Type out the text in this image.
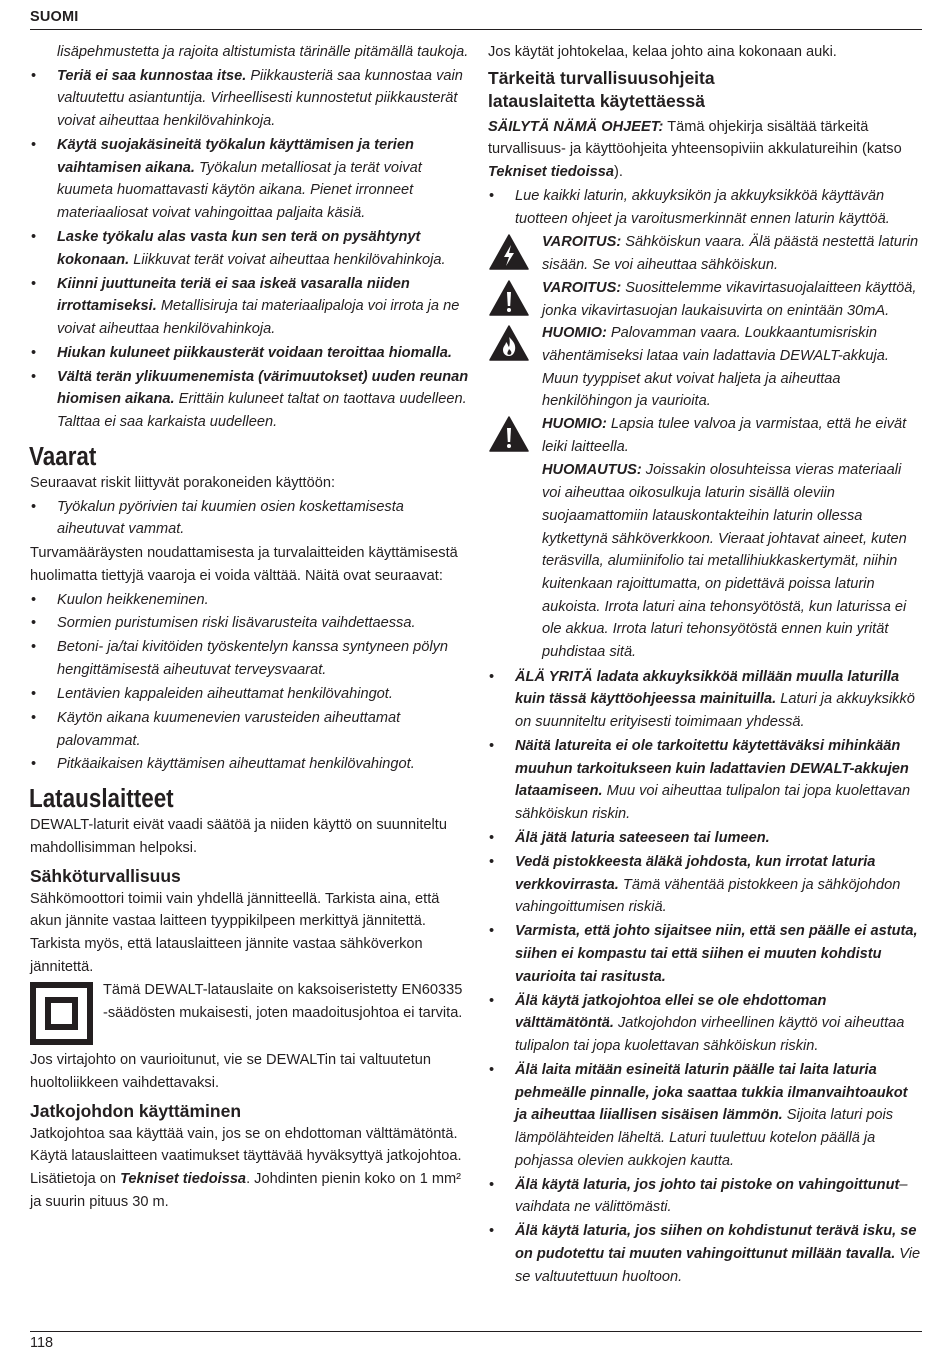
SUOMI
lisäpehmustetta ja rajoita altistumista tärinälle pitämällä taukoja.
• Teriä ei saa kunnostaa itse. Piikkausteriä saa kunnostaa vain valtuutettu asiantuntija. Virheellisesti kunnostetut piikkausterät voivat aiheuttaa henkilövahinkoja.
• Käytä suojakäsineitä työkalun käyttämisen ja terien vaihtamisen aikana. Työkalun metalliosat ja terät voivat kuumeta huomattavasti käytön aikana. Pienet irronneet materiaaliosat voivat vahingoittaa paljaita käsiä.
• Laske työkalu alas vasta kun sen terä on pysähtynyt kokonaan. Liikkuvat terät voivat aiheuttaa henkilövahinkoja.
• Kiinni juuttuneita teriä ei saa iskeä vasaralla niiden irrottamiseksi. Metallisiruja tai materiaalipaloja voi irrota ja ne voivat aiheuttaa henkilövahinkoja.
• Hiukan kuluneet piikkausterät voidaan teroittaa hiomalla.
• Vältä terän ylikuumenemista (värimuutokset) uuden reunan hiomisen aikana. Erittäin kuluneet taltat on taottava uudelleen. Talttaa ei saa karkaista uudelleen.
Vaarat
Seuraavat riskit liittyvät porakoneiden käyttöön:
• Työkalun pyörivien tai kuumien osien koskettamisesta aiheutuvat vammat.
Turvamääräysten noudattamisesta ja turvalaitteiden käyttämisestä huolimatta tiettyjä vaaroja ei voida välttää. Näitä ovat seuraavat:
• Kuulon heikkeneminen.
• Sormien puristumisen riski lisävarusteita vaihdettaessa.
• Betoni- ja/tai kivitöiden työskentelyn kanssa syntyneen pölyn hengittämisestä aiheutuvat terveysvaarat.
• Lentävien kappaleiden aiheuttamat henkilövahingot.
• Käytön aikana kuumenevien varusteiden aiheuttamat palovammat.
• Pitkäaikaisen käyttämisen aiheuttamat henkilövahingot.
Latauslaitteet
DEWALT-laturit eivät vaadi säätöä ja niiden käyttö on suunniteltu mahdollisimman helpoksi.
Sähköturvallisuus
Sähkömoottori toimii vain yhdellä jännitteellä. Tarkista aina, että akun jännite vastaa laitteen tyyppikilpeen merkittyä jännitettä. Tarkista myös, että latauslaitteen jännite vastaa sähköverkon jännitettä.
Tämä DEWALT-latauslaite on kaksoiseristetty EN60335 -säädösten mukaisesti, joten maadoitusjohtoa ei tarvita.
Jos virtajohto on vaurioitunut, vie se DEWALTin tai valtuutetun huoltoliikkeen vaihdettavaksi.
Jatkojohdon käyttäminen
Jatkojohtoa saa käyttää vain, jos se on ehdottoman välttämätöntä. Käytä latauslaitteen vaatimukset täyttävää hyväksyttyä jatkojohtoa. Lisätietoja on Tekniset tiedoissa. Johdinten pienin koko on 1 mm² ja suurin pituus 30 m.
Jos käytät johtokelaa, kelaa johto aina kokonaan auki.
Tärkeitä turvallisuusohjeita
latauslaitetta käytettäessä
SÄILYTÄ NÄMÄ OHJEET: Tämä ohjekirja sisältää tärkeitä turvallisuus- ja käyttöohjeita yhteensopiviin akkulatureihin (katso Tekniset tiedoissa).
• Lue kaikki laturin, akkuyksikön ja akkuyksikköä käyttävän tuotteen ohjeet ja varoitusmerkinnät ennen laturin käyttöä.
VAROITUS: Sähköiskun vaara. Älä päästä nestettä laturin sisään. Se voi aiheuttaa sähköiskun.
VAROITUS: Suosittelemme vikavirtasuojalaitteen käyttöä, jonka vikavirtasuojan laukaisuvirta on enintään 30mA.
HUOMIO: Palovamman vaara. Loukkaantumisriskin vähentämiseksi lataa vain ladattavia DEWALT-akkuja. Muun tyyppiset akut voivat haljeta ja aiheuttaa henkilöhingon ja vaurioita.
HUOMIO: Lapsia tulee valvoa ja varmistaa, että he eivät leiki laitteella.
HUOMAUTUS: Joissakin olosuhteissa vieras materiaali voi aiheuttaa oikosulkuja laturin sisällä oleviin suojaamattomiin latauskontakteihin laturin ollessa kytkettynä sähköverkkoon. Vieraat johtavat aineet, kuten teräsvilla, alumiinifolio tai metallihiukkaskertymät, niihin kuitenkaan rajoittumatta, on pidettävä poissa laturin aukoista. Irrota laturi aina tehonsyötöstä, kun laturissa ei ole akkua. Irrota laturi tehonsyötöstä ennen kuin yrität puhdistaa sitä.
• ÄLÄ YRITÄ ladata akkuyksikköä millään muulla laturilla kuin tässä käyttöohjeessa mainituilla. Laturi ja akkuyksikkö on suunniteltu erityisesti toimimaan yhdessä.
• Näitä latureita ei ole tarkoitettu käytettäväksi mihinkään muuhun tarkoitukseen kuin ladattavien DEWALT-akkujen lataamiseen. Muu voi aiheuttaa tulipalon tai jopa kuolettavan sähköiskun riskin.
• Älä jätä laturia sateeseen tai lumeen.
• Vedä pistokkeesta äläkä johdosta, kun irrotat laturia verkkovirrasta. Tämä vähentää pistokkeen ja sähköjohdon vahingoittumisen riskiä.
• Varmista, että johto sijaitsee niin, että sen päälle ei astuta, siihen ei kompastu tai että siihen ei muuten kohdistu vaurioita tai rasitusta.
• Älä käytä jatkojohtoa ellei se ole ehdottoman välttämätöntä. Jatkojohdon virheellinen käyttö voi aiheuttaa tulipalon tai jopa kuolettavan sähköiskun riskin.
• Älä laita mitään esineitä laturin päälle tai laita laturia pehmeälle pinnalle, joka saattaa tukkia ilmanvaihtoaukot ja aiheuttaa liiallisen sisäisen lämmön. Sijoita laturi pois lämpölähteiden läheltä. Laturi tuulettuu kotelon päällä ja pohjassa olevien aukkojen kautta.
• Älä käytä laturia, jos johto tai pistoke on vahingoittunut– vaihdata ne välittömästi.
• Älä käytä laturia, jos siihen on kohdistunut terävä isku, se on pudotettu tai muuten vahingoittunut millään tavalla. Vie se valtuutettuun huoltoon.
118
